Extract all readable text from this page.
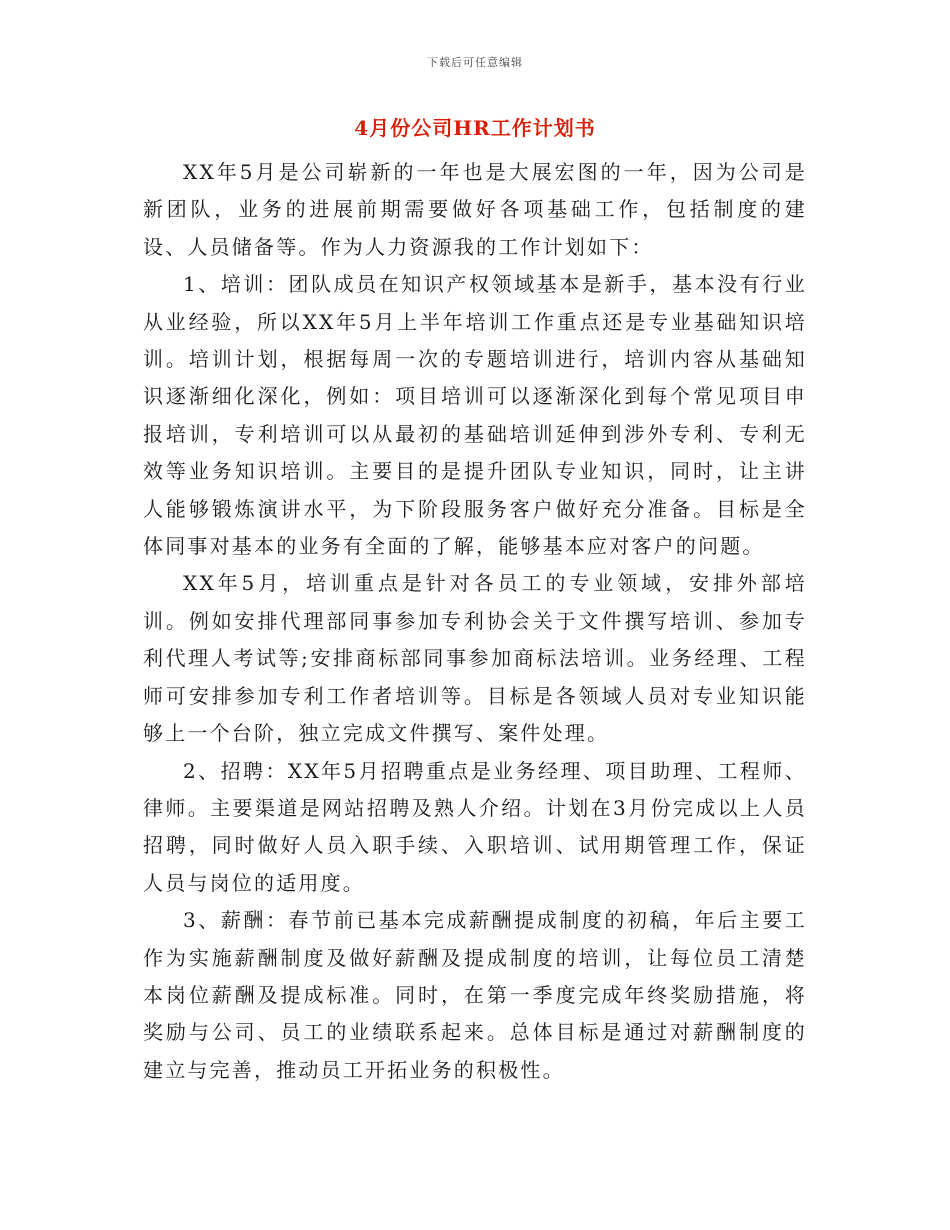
下载后可任意编辑
4月份公司HR工作计划书

XX年5月是公司崭新的一年也是大展宏图的一年，因为公司是新团队，业务的进展前期需要做好各项基础工作，包括制度的建设、人员储备等。作为人力资源我的工作计划如下：

1、培训：团队成员在知识产权领域基本是新手，基本没有行业从业经验，所以XX年5月上半年培训工作重点还是专业基础知识培训。培训计划，根据每周一次的专题培训进行，培训内容从基础知识逐渐细化深化，例如：项目培训可以逐渐深化到每个常见项目申报培训，专利培训可以从最初的基础培训延伸到涉外专利、专利无效等业务知识培训。主要目的是提升团队专业知识，同时，让主讲人能够锻炼演讲水平，为下阶段服务客户做好充分准备。目标是全体同事对基本的业务有全面的了解，能够基本应对客户的问题。

XX年5月，培训重点是针对各员工的专业领域，安排外部培训。例如安排代理部同事参加专利协会关于文件撰写培训、参加专利代理人考试等;安排商标部同事参加商标法培训。业务经理、工程师可安排参加专利工作者培训等。目标是各领域人员对专业知识能够上一个台阶，独立完成文件撰写、案件处理。

2、招聘：XX年5月招聘重点是业务经理、项目助理、工程师、律师。主要渠道是网站招聘及熟人介绍。计划在3月份完成以上人员招聘，同时做好人员入职手续、入职培训、试用期管理工作，保证人员与岗位的适用度。

3、薪酬：春节前已基本完成薪酬提成制度的初稿，年后主要工作为实施薪酬制度及做好薪酬及提成制度的培训，让每位员工清楚本岗位薪酬及提成标准。同时，在第一季度完成年终奖励措施，将奖励与公司、员工的业绩联系起来。总体目标是通过对薪酬制度的建立与完善，推动员工开拓业务的积极性。
